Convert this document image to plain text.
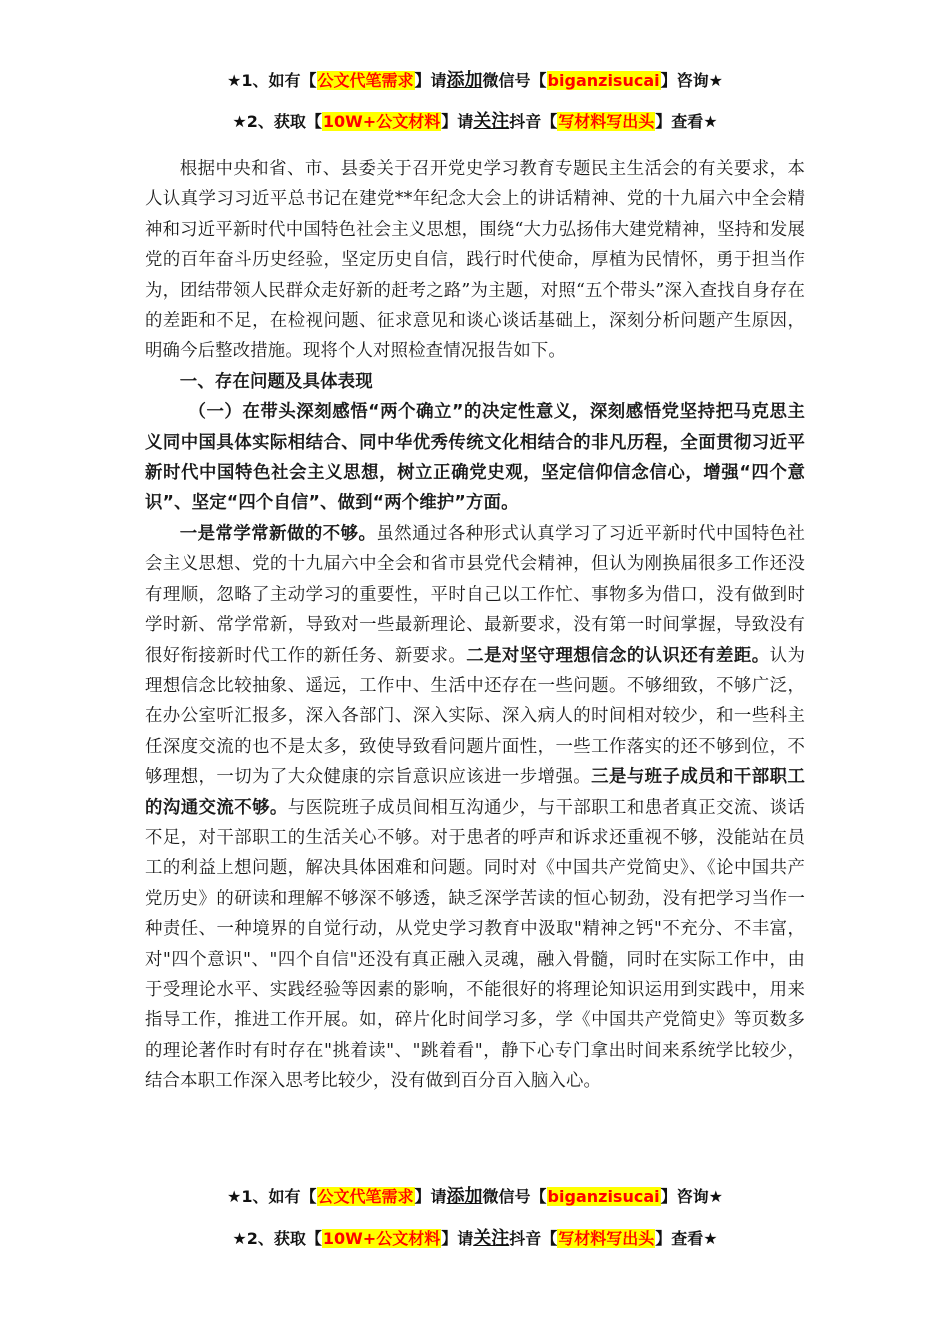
★1、如有【公文代笔需求】请添加微信号【biganzisucai】咨询★
★2、获取【10W+公文材料】请关注抖音【写材料写出头】查看★

根据中央和省、市、县委关于召开党史学习教育专题民主生活会的有关要求，本人认真学习习近平总书记在建党**年纪念大会上的讲话精神、党的十九届六中全会精神和习近平新时代中国特色社会主义思想，围绕“大力弘扬伟大建党精神，坚持和发展党的百年奋斗历史经验，坚定历史自信，践行时代使命，厚植为民情怀，勇于担当作为，团结带领人民群众走好新的赶考之路”为主题，对照“五个带头”深入查找自身存在的差距和不足，在检视问题、征求意见和谈心谈话基础上，深刻分析问题产生原因，明确今后整改措施。现将个人对照检查情况报告如下。

一、存在问题及具体表现

（一）在带头深刻感悟“两个确立”的决定性意义，深刻感悟党坚持把马克思主义同中国具体实际相结合、同中华优秀传统文化相结合的非凡历程，全面贯彻习近平新时代中国特色社会主义思想，树立正确党史观，坚定信仰信念信心，增强“四个意识”、坚定“四个自信”、做到“两个维护”方面。

一是常学常新做的不够。虽然通过各种形式认真学习了习近平新时代中国特色社会主义思想、党的十九届六中全会和省市县党代会精神，但认为刚换届很多工作还没有理顺，忽略了主动学习的重要性，平时自己以工作忙、事物多为借口，没有做到时学时新、常学常新，导致对一些最新理论、最新要求，没有第一时间掌握，导致没有很好衔接新时代工作的新任务、新要求。二是对坚守理想信念的认识还有差距。认为理想信念比较抽象、遥远，工作中、生活中还存在一些问题。不够细致，不够广泛，在办公室听汇报多，深入各部门、深入实际、深入病人的时间相对较少，和一些科主任深度交流的也不是太多，致使导致看问题片面性，一些工作落实的还不够到位，不够理想，一切为了大众健康的宗旨意识应该进一步增强。三是与班子成员和干部职工的沟通交流不够。与医院班子成员间相互沟通少，与干部职工和患者真正交流、谈话不足，对干部职工的生活关心不够。对于患者的呼声和诉求还重视不够，没能站在员工的利益上想问题，解决具体困难和问题。同时对《中国共产党简史》、《论中国共产党历史》的研读和理解不够深不够透，缺乏深学苦读的恒心韧劲，没有把学习当作一种责任、一种境界的自觉行动，从党史学习教育中汲取"精神之钙"不充分、不丰富，对"四个意识"、"四个自信"还没有真正融入灵魂，融入骨髓，同时在实际工作中，由于受理论水平、实践经验等因素的影响，不能很好的将理论知识运用到实践中，用来指导工作，推进工作开展。如，碎片化时间学习多，学《中国共产党简史》等页数多的理论著作时有时存在"挑着读"、"跳着看"，静下心专门拿出时间来系统学比较少，结合本职工作深入思考比较少，没有做到百分百入脑入心。

★1、如有【公文代笔需求】请添加微信号【biganzisucai】咨询★
★2、获取【10W+公文材料】请关注抖音【写材料写出头】查看★
